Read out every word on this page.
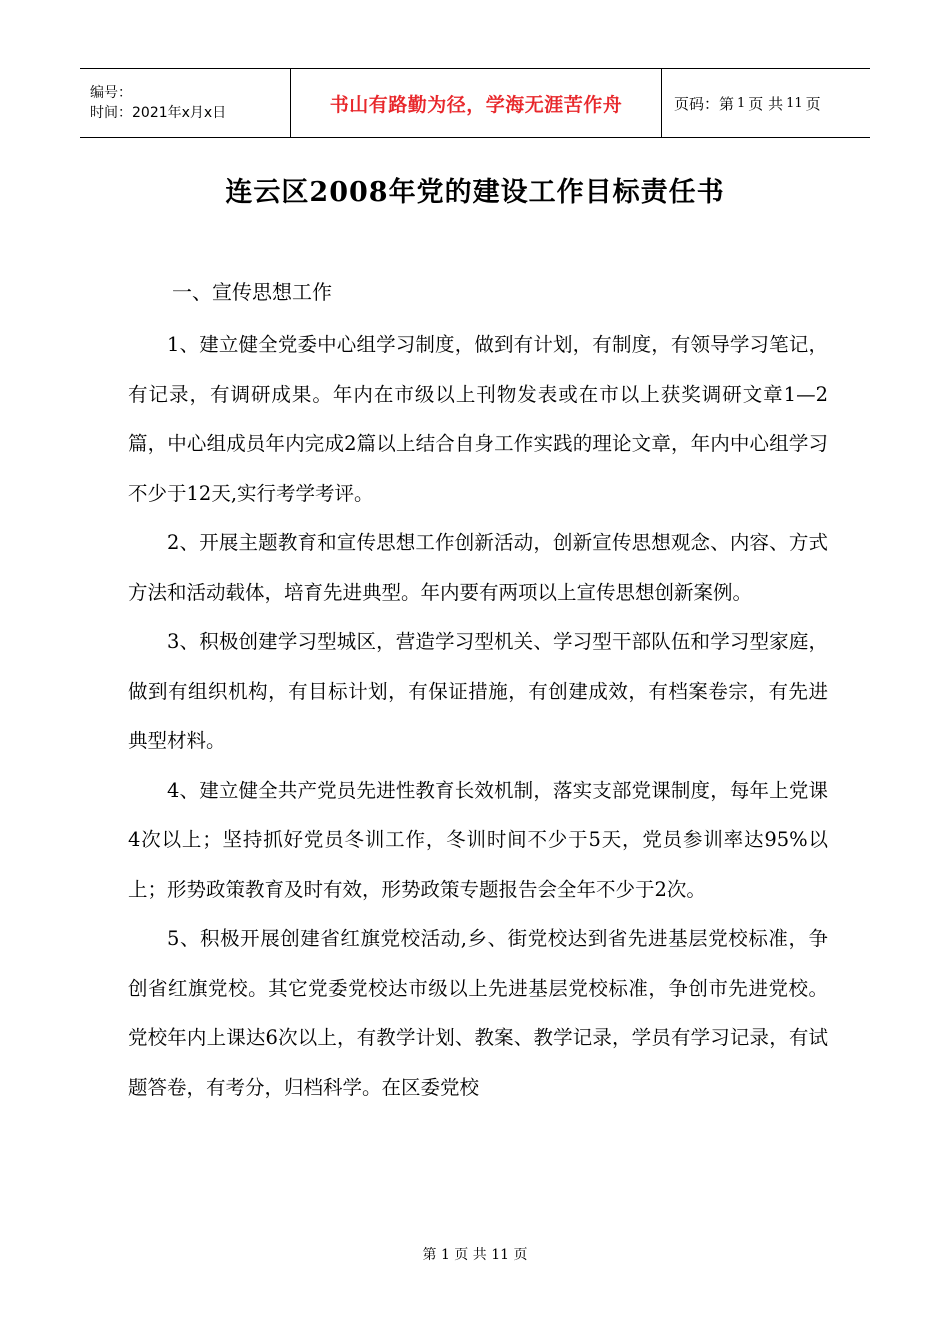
编号：
时间：2021年x月x日	书山有路勤为径，学海无涯苦作舟	页码：第 1 页 共 11 页
连云区2008年党的建设工作目标责任书
一、宣传思想工作

1、建立健全党委中心组学习制度，做到有计划，有制度，有领导学习笔记，有记录，有调研成果。年内在市级以上刊物发表或在市以上获奖调研文章1—2篇，中心组成员年内完成2篇以上结合自身工作实践的理论文章，年内中心组学习不少于12天,实行考学考评。

2、开展主题教育和宣传思想工作创新活动，创新宣传思想观念、内容、方式方法和活动载体，培育先进典型。年内要有两项以上宣传思想创新案例。

3、积极创建学习型城区，营造学习型机关、学习型干部队伍和学习型家庭，做到有组织机构，有目标计划，有保证措施，有创建成效，有档案卷宗，有先进典型材料。

4、建立健全共产党员先进性教育长效机制，落实支部党课制度，每年上党课4次以上；坚持抓好党员冬训工作，冬训时间不少于5天，党员参训率达95%以上；形势政策教育及时有效，形势政策专题报告会全年不少于2次。

5、积极开展创建省红旗党校活动,乡、街党校达到省先进基层党校标准，争创省红旗党校。其它党委党校达市级以上先进基层党校标准，争创市先进党校。党校年内上课达6次以上，有教学计划、教案、教学记录，学员有学习记录，有试题答卷，有考分，归档科学。在区委党校

第 1 页 共 11 页
